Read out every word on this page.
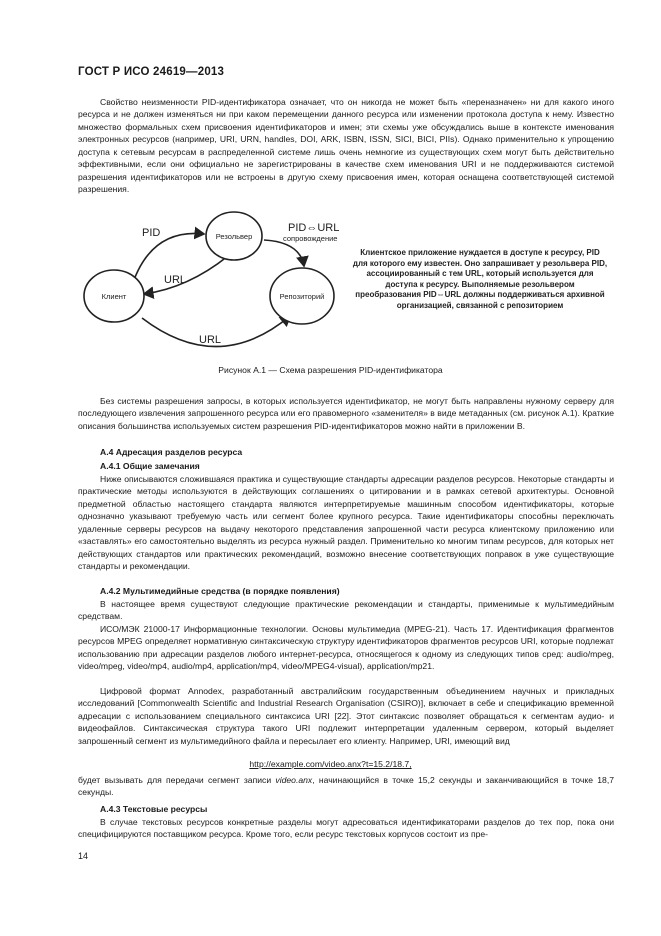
ГОСТ Р ИСО 24619—2013

Свойство неизменности PID-идентификатора означает, что он никогда не может быть «переназначен» ни для какого иного ресурса и не должен изменяться ни при каком перемещении данного ресурса или изменении протокола доступа к нему. Известно множество формальных схем присвоения идентификаторов и имен; эти схемы уже обсуждались выше в контексте именования электронных ресурсов (например, URI, URN, handles, DOI, ARK, ISBN, ISSN, SICI, BICI, PIIs). Однако применительно к упрощению доступа к сетевым ресурсам в распределенной системе лишь очень немногие из существующих схем могут быть действительно эффективными, если они официально не зарегистрированы в качестве схем именования URI и не поддерживаются системой разрешения идентификаторов или не встроены в другую схему присвоения имен, которая оснащена соответствующей системой разрешения.

Резольвер
Клиент	Репозиторий
PID
URL
URL
PID⇔URL
сопровождение
Клиентское приложение нуждается в доступе к ресурсу, PID для которого ему известен. Оно запрашивает у резольвера PID, ассоциированный с тем URL, который используется для доступа к ресурсу. Выполняемые резольвером преобразования PID⇔URL должны поддерживаться архивной организацией, связанной с репозиторием
Рисунок А.1 — Схема разрешения PID-идентификатора

Без системы разрешения запросы, в которых используется идентификатор, не могут быть направлены нужному серверу для последующего извлечения запрошенного ресурса или его правомерного «заменителя» в виде метаданных (см. рисунок А.1). Краткие описания большинства используемых систем разрешения PID-идентификаторов можно найти в приложении В.

А.4 Адресация разделов ресурса
А.4.1 Общие замечания

Ниже описываются сложившаяся практика и существующие стандарты адресации разделов ресурсов. Некоторые стандарты и практические методы используются в действующих соглашениях о цитировании и в рамках сетевой архитектуры. Основной предметной областью настоящего стандарта являются интерпретируемые машинным способом идентификаторы, которые однозначно указывают требуемую часть или сегмент более крупного ресурса. Такие идентификаторы способны переключать удаленные серверы ресурсов на выдачу некоторого представления запрошенной части ресурса клиентскому приложению или «заставлять» его самостоятельно выделять из ресурса нужный раздел. Применительно ко многим типам ресурсов, для которых нет действующих стандартов или практических рекомендаций, возможно внесение соответствующих поправок в уже существующие стандарты и рекомендации.

А.4.2 Мультимедийные средства (в порядке появления)

В настоящее время существуют следующие практические рекомендации и стандарты, применимые к мультимедийным средствам.

ИСО/МЭК 21000-17 Информационные технологии. Основы мультимедиа (MPEG-21). Часть 17. Идентификация фрагментов ресурсов MPEG определяет нормативную синтаксическую структуру идентификаторов фрагментов ресурсов URI, которые подлежат использованию при адресации разделов любого интернет-ресурса, относящегося к одному из следующих типов сред: audio/mpeg, video/mpeg, video/mp4, audio/mp4, application/mp4, video/MPEG4-visual), application/mp21.

Цифровой формат Annodex, разработанный австралийским государственным объединением научных и прикладных исследований [Commonwealth Scientific and Industrial Research Organisation (CSIRO)], включает в себе и спецификацию временной адресации с использованием специального синтаксиса URI [22]. Этот синтаксис позволяет обращаться к сегментам аудио- и видеофайлов. Синтаксическая структура такого URI подлежит интерпретации удаленным сервером, который выделяет запрошенный сегмент из мультимедийного файла и пересылает его клиенту. Например, URI, имеющий вид

http://example.com/video.anx?t=15.2/18.7,

будет вызывать для передачи сегмент записи video.anx, начинающийся в точке 15,2 секунды и заканчивающийся в точке 18,7 секунды.

А.4.3 Текстовые ресурсы

В случае текстовых ресурсов конкретные разделы могут адресоваться идентификаторами разделов до тех пор, пока они специфицируются поставщиком ресурса. Кроме того, если ресурс текстовых корпусов состоит из пре-

14
